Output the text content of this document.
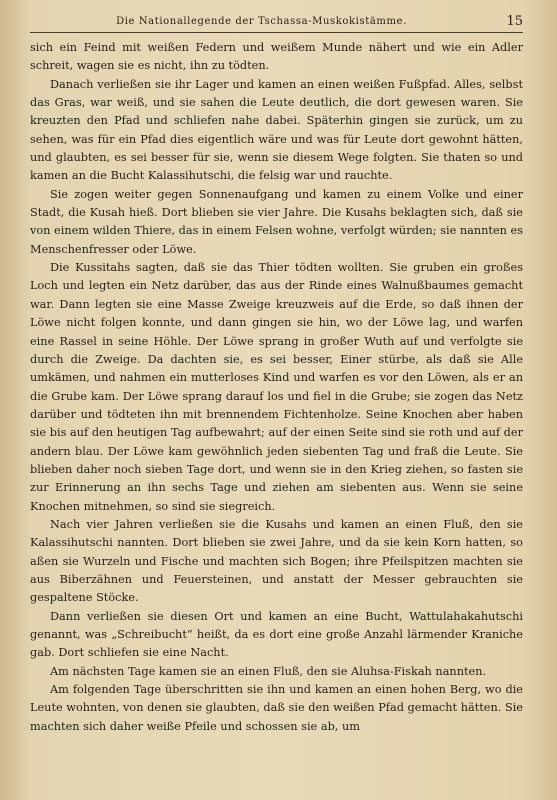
Die Nationallegende der Tschassa-Muskokistämme.	15

sich ein Feind mit weißen Federn und weißem Munde nähert und wie ein Adler schreit, wagen sie es nicht, ihn zu tödten.

Danach verließen sie ihr Lager und kamen an einen weißen Fußpfad. Alles, selbst das Gras, war weiß, und sie sahen die Leute deutlich, die dort gewesen waren. Sie kreuzten den Pfad und schliefen nahe dabei. Späterhin gingen sie zurück, um zu sehen, was für ein Pfad dies eigentlich wäre und was für Leute dort gewohnt hätten, und glaubten, es sei besser für sie, wenn sie diesem Wege folgten. Sie thaten so und kamen an die Bucht Kalassihutschi, die felsig war und rauchte.

Sie zogen weiter gegen Sonnenaufgang und kamen zu einem Volke und einer Stadt, die Kusah hieß. Dort blieben sie vier Jahre. Die Kusahs beklagten sich, daß sie von einem wilden Thiere, das in einem Felsen wohne, verfolgt würden; sie nannten es Menschenfresser oder Löwe.

Die Kussitahs sagten, daß sie das Thier tödten wollten. Sie gruben ein großes Loch und legten ein Netz darüber, das aus der Rinde eines Walnußbaumes gemacht war. Dann legten sie eine Masse Zweige kreuzweis auf die Erde, so daß ihnen der Löwe nicht folgen konnte, und dann gingen sie hin, wo der Löwe lag, und warfen eine Rassel in seine Höhle. Der Löwe sprang in großer Wuth auf und verfolgte sie durch die Zweige. Da dachten sie, es sei besser, Einer stürbe, als daß sie Alle umkämen, und nahmen ein mutterloses Kind und warfen es vor den Löwen, als er an die Grube kam. Der Löwe sprang darauf los und fiel in die Grube; sie zogen das Netz darüber und tödteten ihn mit brennendem Fichtenholze. Seine Knochen aber haben sie bis auf den heutigen Tag aufbewahrt; auf der einen Seite sind sie roth und auf der andern blau. Der Löwe kam gewöhnlich jeden siebenten Tag und fraß die Leute. Sie blieben daher noch sieben Tage dort, und wenn sie in den Krieg ziehen, so fasten sie zur Erinnerung an ihn sechs Tage und ziehen am siebenten aus. Wenn sie seine Knochen mitnehmen, so sind sie siegreich.

Nach vier Jahren verließen sie die Kusahs und kamen an einen Fluß, den sie Kalassihutschi nannten. Dort blieben sie zwei Jahre, und da sie kein Korn hatten, so aßen sie Wurzeln und Fische und machten sich Bogen; ihre Pfeilspitzen machten sie aus Biberzähnen und Feuersteinen, und anstatt der Messer gebrauchten sie gespaltene Stöcke.

Dann verließen sie diesen Ort und kamen an eine Bucht, Wattulahakahutschi genannt, was „Schreibucht“ heißt, da es dort eine große Anzahl lärmender Kraniche gab. Dort schliefen sie eine Nacht.

Am nächsten Tage kamen sie an einen Fluß, den sie Aluhsa-Fiskah nannten.

Am folgenden Tage überschritten sie ihn und kamen an einen hohen Berg, wo die Leute wohnten, von denen sie glaubten, daß sie den weißen Pfad gemacht hätten. Sie machten sich daher weiße Pfeile und schossen sie ab, um
